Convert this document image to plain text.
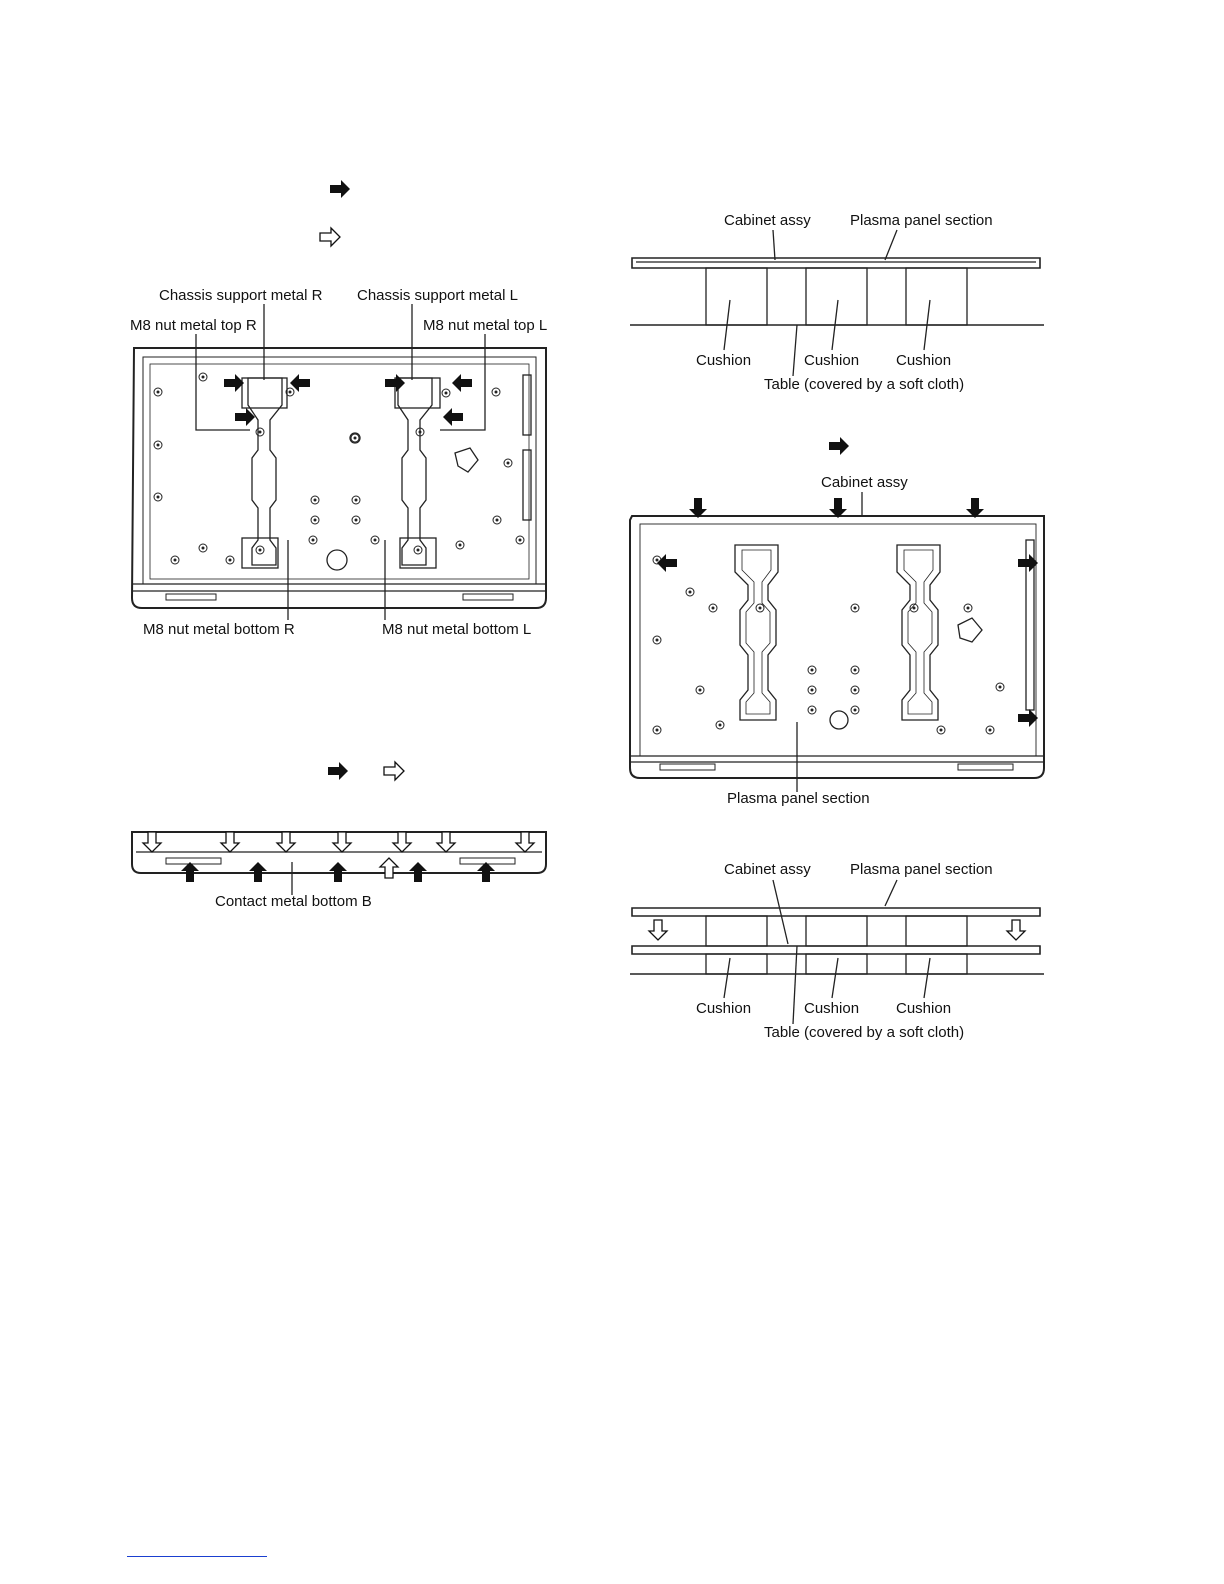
Chassis support metal R Chassis support metal L
M8 nut metal top R	M8 nut metal top L
M8 nut metal bottom R	M8 nut metal bottom L
Contact metal bottom B
Cabinet assy	Plasma panel section
Cushion	Cushion Cushion
Table (covered by a soft cloth)
Cabinet assy
Plasma panel section
Cabinet assy	Plasma panel section
Cushion	Cushion Cushion
Table (covered by a soft cloth)
